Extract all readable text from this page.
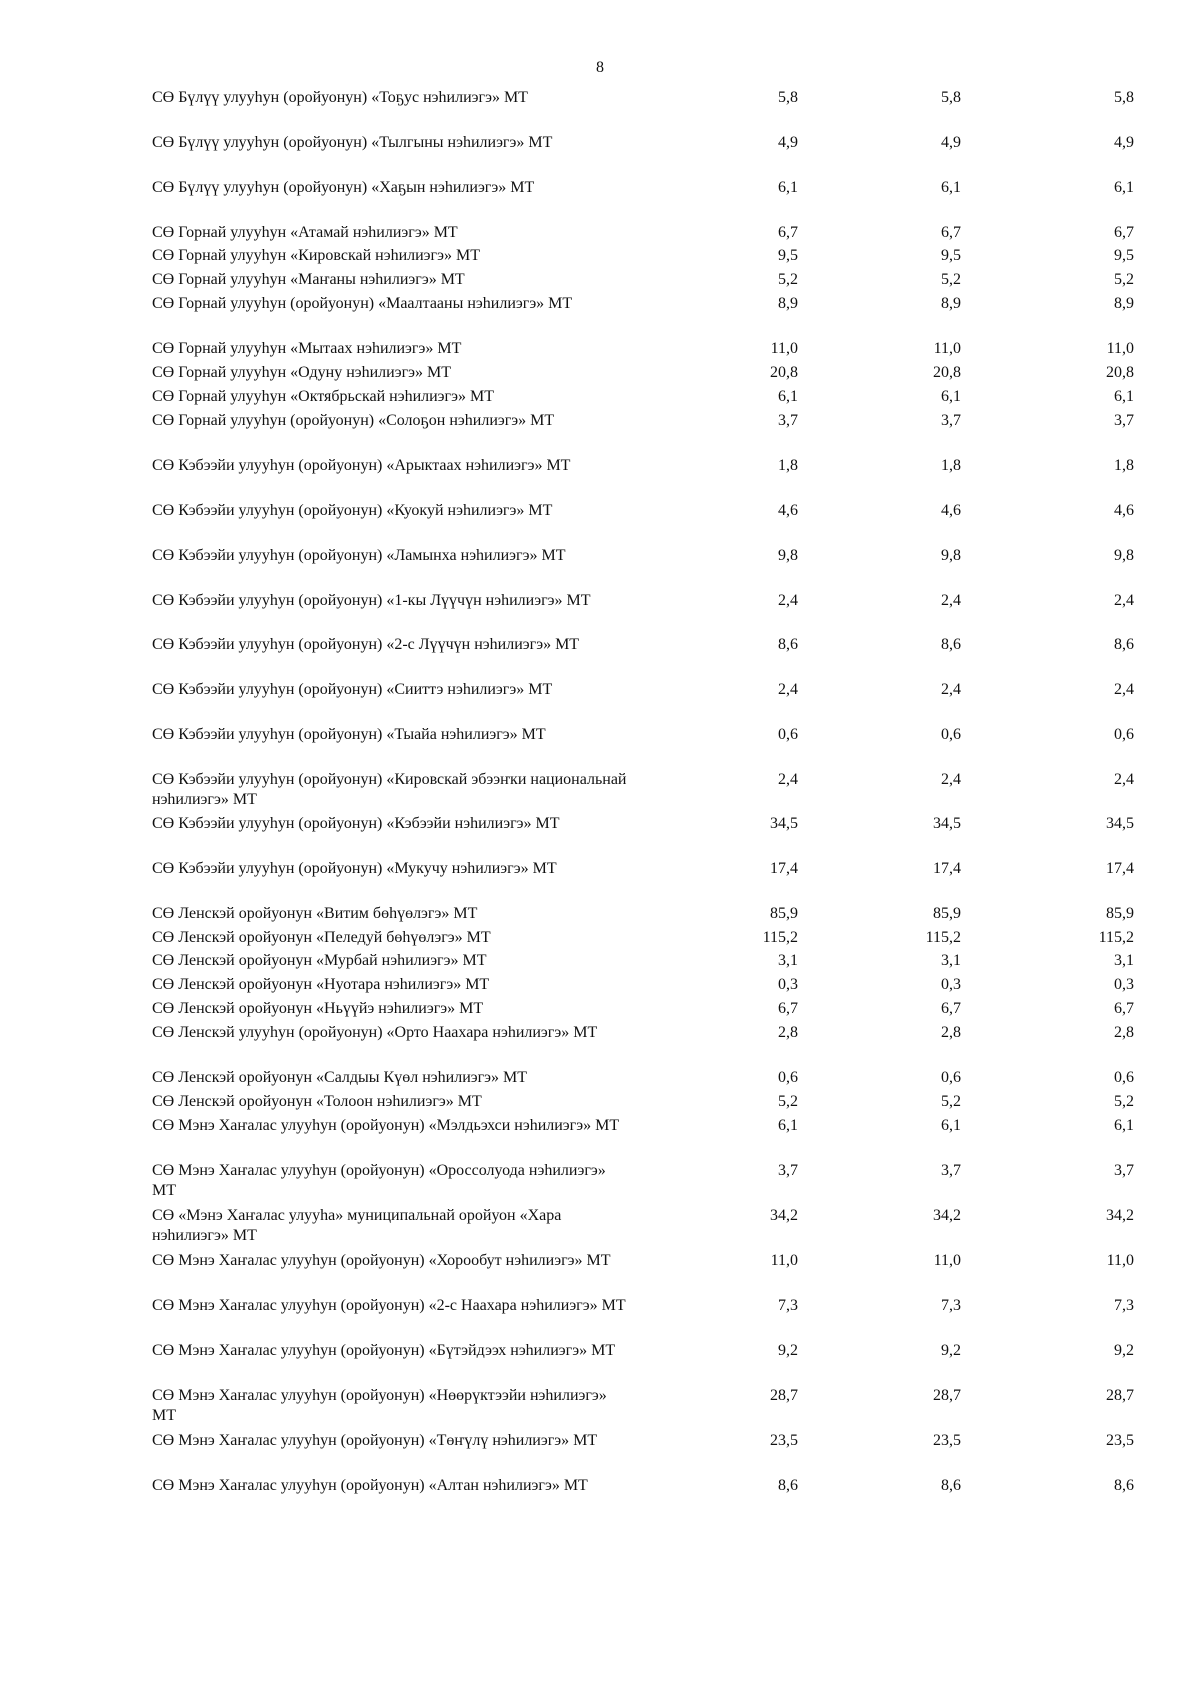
8
СӨ Бүлүү улууһун (оройуонун) «Тоҕус нэһилиэгэ» МТ	5,8	5,8	5,8
СӨ Бүлүү улууһун (оройуонун) «Тылгыны нэһилиэгэ» МТ	4,9	4,9	4,9
СӨ Бүлүү улууһун (оройуонун) «Хаҕын нэһилиэгэ» МТ	6,1	6,1	6,1
СӨ Горнай улууһун «Атамай нэһилиэгэ» МТ	6,7	6,7	6,7
СӨ Горнай улууһун «Кировскай нэһилиэгэ» МТ	9,5	9,5	9,5
СӨ Горнай улууһун «Маҥаны нэһилиэгэ» МТ	5,2	5,2	5,2
СӨ Горнай улууһун (оройуонун) «Маалтааны нэһилиэгэ» МТ	8,9	8,9	8,9
СӨ Горнай улууһун «Мытаах нэһилиэгэ» МТ	11,0	11,0	11,0
СӨ Горнай улууһун «Одуну нэһилиэгэ» МТ	20,8	20,8	20,8
СӨ Горнай улууһун «Октябрьскай нэһилиэгэ» МТ	6,1	6,1	6,1
СӨ Горнай улууһун (оройуонун) «Солоҕон нэһилиэгэ» МТ	3,7	3,7	3,7
СӨ Кэбээйи улууһун (оройуонун) «Арыктаах нэһилиэгэ» МТ	1,8	1,8	1,8
СӨ Кэбээйи улууһун (оройуонун) «Куокуй нэһилиэгэ» МТ	4,6	4,6	4,6
СӨ Кэбээйи улууһун (оройуонун) «Ламынха нэһилиэгэ» МТ	9,8	9,8	9,8
СӨ Кэбээйи улууһун (оройуонун) «1-кы Лүүчүн нэһилиэгэ» МТ	2,4	2,4	2,4
СӨ Кэбээйи улууһун (оройуонун) «2-с Лүүчүн нэһилиэгэ» МТ	8,6	8,6	8,6
СӨ Кэбээйи улууһун (оройуонун) «Сииттэ нэһилиэгэ» МТ	2,4	2,4	2,4
СӨ Кэбээйи улууһун (оройуонун) «Тыайа нэһилиэгэ» МТ	0,6	0,6	0,6
СӨ Кэбээйи улууһун (оройуонун) «Кировскай эбээҥки национальнай нэһилиэгэ» МТ
2,4	2,4	2,4
СӨ Кэбээйи улууһун (оройуонун) «Кэбээйи нэһилиэгэ» МТ	34,5	34,5	34,5
СӨ Кэбээйи улууһун (оройуонун) «Мукучу нэһилиэгэ» МТ	17,4	17,4	17,4
СӨ Ленскэй оройуонун «Витим бөһүөлэгэ» МТ	85,9	85,9	85,9
СӨ Ленскэй оройуонун «Пеледуй бөһүөлэгэ» МТ	115,2	115,2	115,2
СӨ Ленскэй оройуонун «Мурбай нэһилиэгэ» МТ	3,1	3,1	3,1
СӨ Ленскэй оройуонун «Нуотара нэһилиэгэ» МТ	0,3	0,3	0,3
СӨ Ленскэй оройуонун «Ньүүйэ нэһилиэгэ» МТ	6,7	6,7	6,7
СӨ Ленскэй улууһун (оройуонун) «Орто Наахара нэһилиэгэ» МТ	2,8	2,8	2,8
СӨ Ленскэй оройуонун «Салдыы Күөл нэһилиэгэ» МТ	0,6	0,6	0,6
СӨ Ленскэй оройуонун «Толоон нэһилиэгэ» МТ	5,2	5,2	5,2
СӨ Мэнэ Хаҥалас улууһун (оройуонун) «Мэлдьэхси нэһилиэгэ» МТ	6,1	6,1	6,1
СӨ Мэнэ Хаҥалас улууһун (оройуонун) «Ороссолуода нэһилиэгэ» МТ
3,7	3,7	3,7
СӨ «Мэнэ Хаҥалас улууһа» муниципальнай оройуон «Хара нэһилиэгэ» МТ
34,2	34,2	34,2
СӨ Мэнэ Хаҥалас улууһун (оройуонун) «Хорообут нэһилиэгэ» МТ	11,0	11,0	11,0
СӨ Мэнэ Хаҥалас улууһун (оройуонун) «2-с Наахара нэһилиэгэ» МТ	7,3	7,3	7,3
СӨ Мэнэ Хаҥалас улууһун (оройуонун) «Бүтэйдээх нэһилиэгэ» МТ	9,2	9,2	9,2
СӨ Мэнэ Хаҥалас улууһун (оройуонун) «Нөөрүктээйи нэһилиэгэ» МТ
28,7	28,7	28,7
СӨ Мэнэ Хаҥалас улууһун (оройуонун) «Төҥүлү нэһилиэгэ» МТ	23,5	23,5	23,5
СӨ Мэнэ Хаҥалас улууһун (оройуонун) «Алтан нэһилиэгэ» МТ	8,6	8,6	8,6
